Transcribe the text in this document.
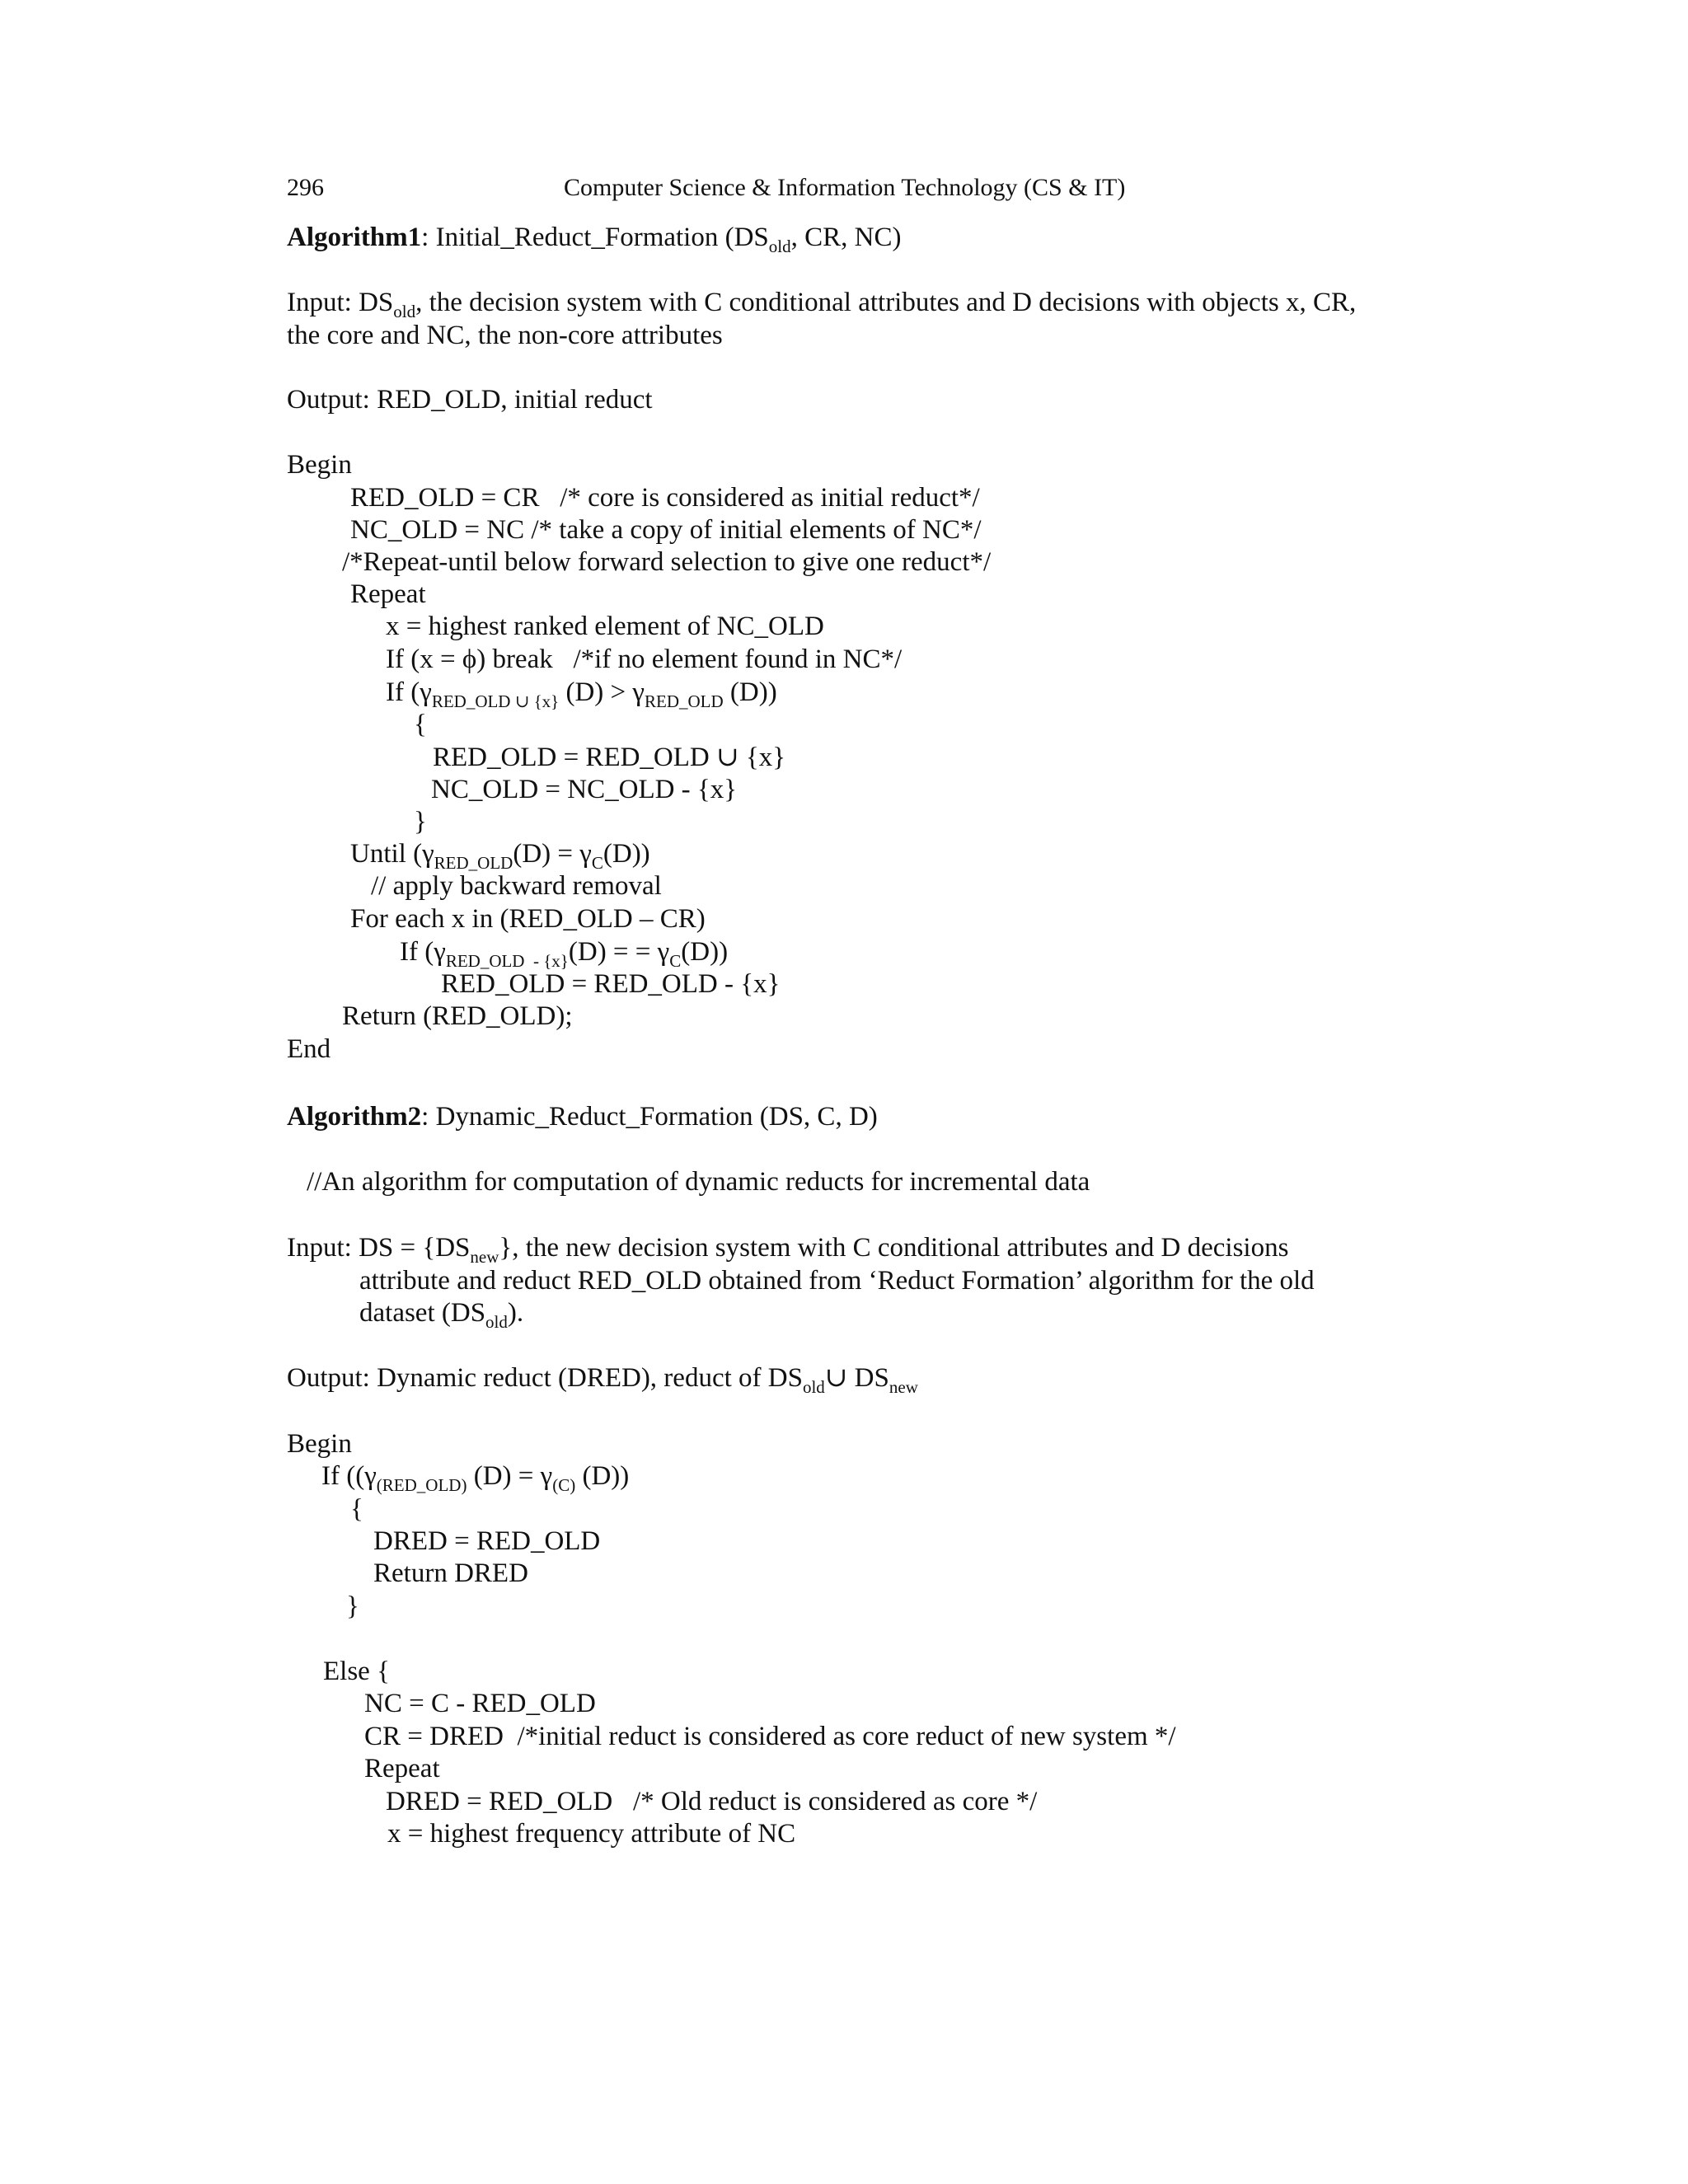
296	Computer Science & Information Technology (CS & IT)
Algorithm1: Initial_Reduct_Formation ($DS_{old}$, CR, NC)
Input: $DS_{old}$, the decision system with C conditional attributes and D decisions with objects x, CR,
the core and NC, the non-core attributes
Output: RED_OLD, initial reduct
Begin
RED_OLD = CR   /* core is considered as initial reduct*/
NC_OLD = NC /* take a copy of initial elements of NC*/
/*Repeat-until below forward selection to give one reduct*/
Repeat
x = highest ranked element of NC_OLD
If (x = ϕ) break   /*if no element found in NC*/
If ($\gamma_{RED\_OLD \cup \{x\}}$ $(D) > \gamma_{RED\_OLD}$ (D))
{
RED_OLD = RED_OLD ∪ {x}
NC_OLD = NC_OLD - {x}
}
Until $(\gamma_{RED\_OLD}(D) = \gamma_C(D))$
// apply backward removal
For each x in (RED_OLD – CR)
If ($\gamma_{RED\_OLD - \{x\}}(D)$ = = $\gamma_C(D)$)
RED_OLD = RED_OLD - {x}
Return (RED_OLD);
End
Algorithm2: Dynamic_Reduct_Formation (DS, C, D)
//An algorithm for computation of dynamic reducts for incremental data
Input: DS = $\{DS_{new}\}$, the new decision system with C conditional attributes and D decisions
attribute and reduct RED_OLD obtained from ‘Reduct Formation’ algorithm for the old
dataset $(DS_{old})$.
Output: Dynamic reduct (DRED), reduct of $DS_{old}\cup$ $DS_{new}$
Begin
If (($\gamma_{(RED\_OLD)}$ $(D) = \gamma_{(C)}$ (D))
{
DRED = RED_OLD
Return DRED
}
Else {
NC = C - RED_OLD
CR = DRED  /*initial reduct is considered as core reduct of new system */
Repeat
DRED = RED_OLD   /* Old reduct is considered as core */
x = highest frequency attribute of NC
